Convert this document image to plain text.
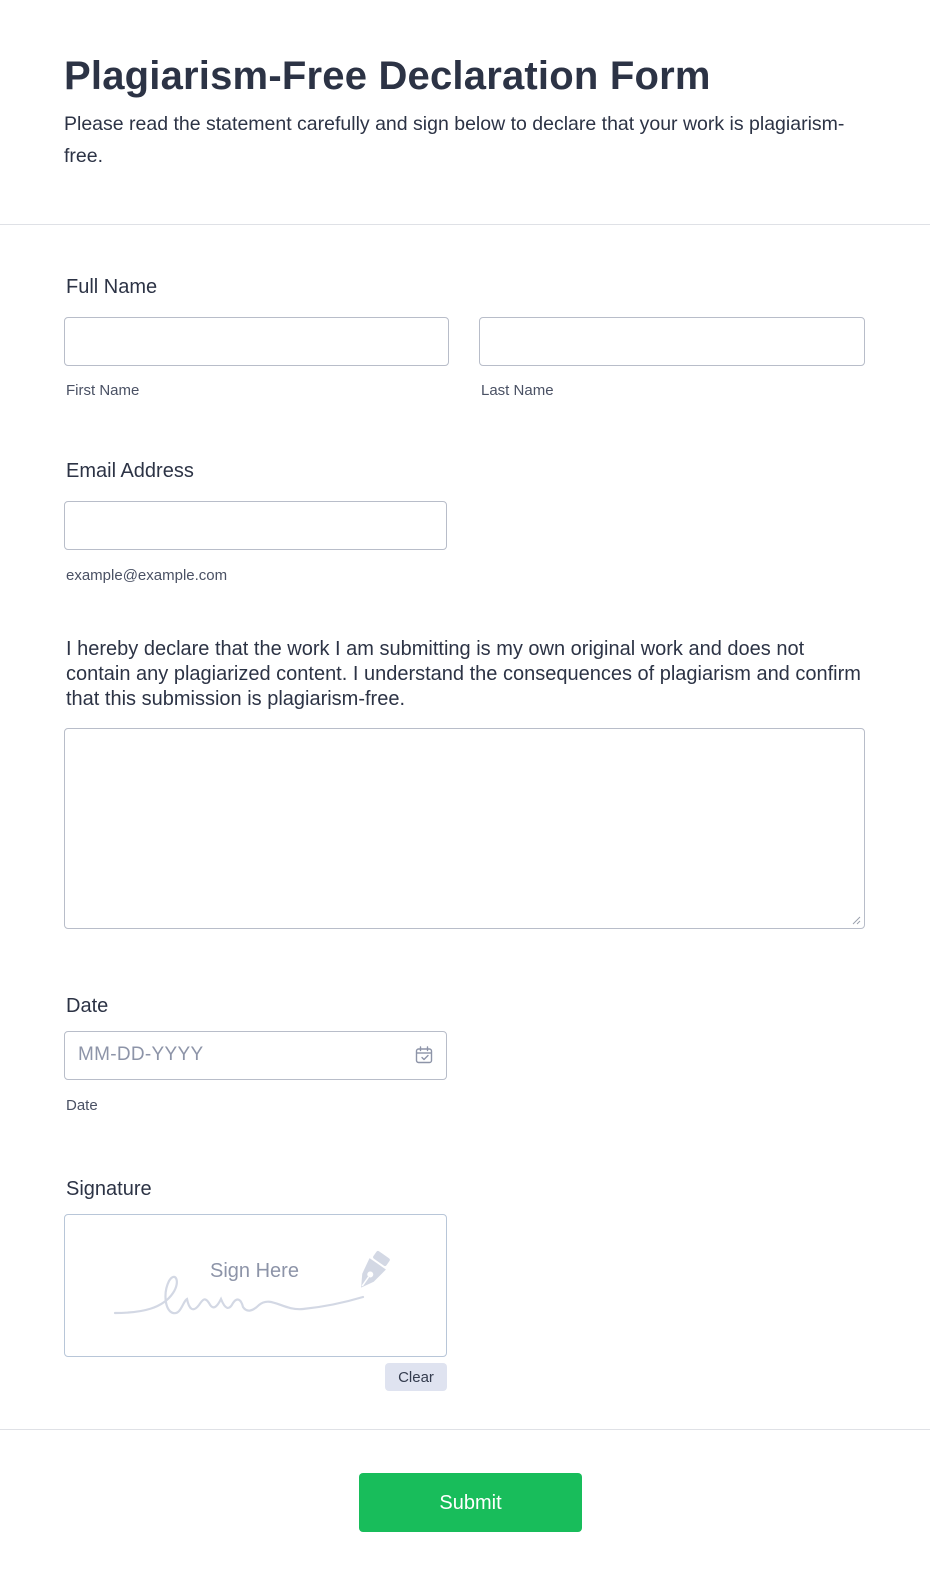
Plagiarism-Free Declaration Form
Please read the statement carefully and sign below to declare that your work is plagiarism-free.
Full Name
First Name	Last Name
Email Address
example@example.com
I hereby declare that the work I am submitting is my own original work and does not contain any plagiarized content. I understand the consequences of plagiarism and confirm that this submission is plagiarism-free.
Date
MM-DD-YYYY
Date
Signature
Sign Here
Clear
Submit
